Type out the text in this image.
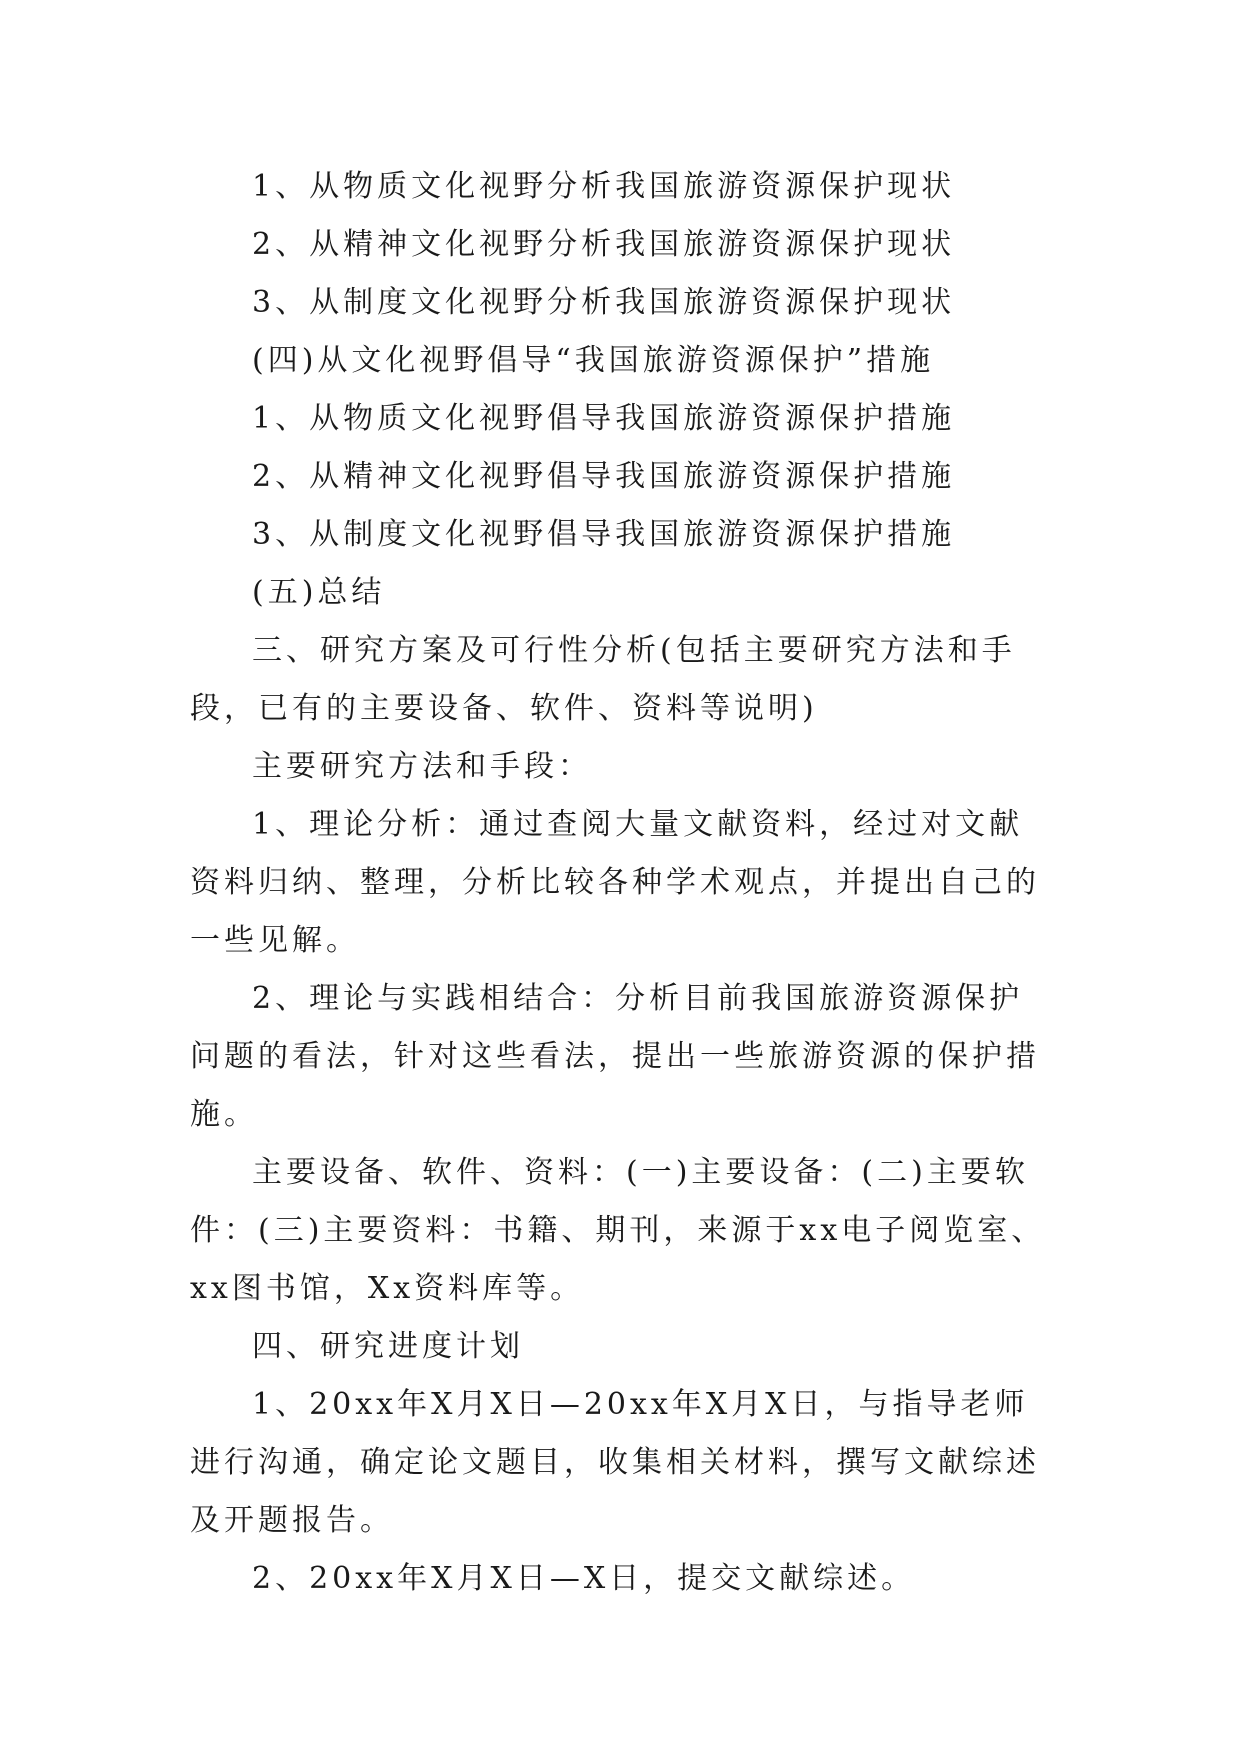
1、从物质文化视野分析我国旅游资源保护现状

2、从精神文化视野分析我国旅游资源保护现状

3、从制度文化视野分析我国旅游资源保护现状

(四)从文化视野倡导“我国旅游资源保护”措施

1、从物质文化视野倡导我国旅游资源保护措施

2、从精神文化视野倡导我国旅游资源保护措施

3、从制度文化视野倡导我国旅游资源保护措施

(五)总结

三、研究方案及可行性分析(包括主要研究方法和手段，已有的主要设备、软件、资料等说明)

主要研究方法和手段：

1、理论分析：通过查阅大量文献资料，经过对文献资料归纳、整理，分析比较各种学术观点，并提出自己的一些见解。

2、理论与实践相结合：分析目前我国旅游资源保护问题的看法，针对这些看法，提出一些旅游资源的保护措施。

主要设备、软件、资料：(一)主要设备：(二)主要软件：(三)主要资料：书籍、期刊，来源于xx电子阅览室、xx图书馆，Xx资料库等。

四、研究进度计划

1、20xx年X月X日—20xx年X月X日，与指导老师进行沟通，确定论文题目，收集相关材料，撰写文献综述及开题报告。

2、20xx年X月X日—X日，提交文献综述。
